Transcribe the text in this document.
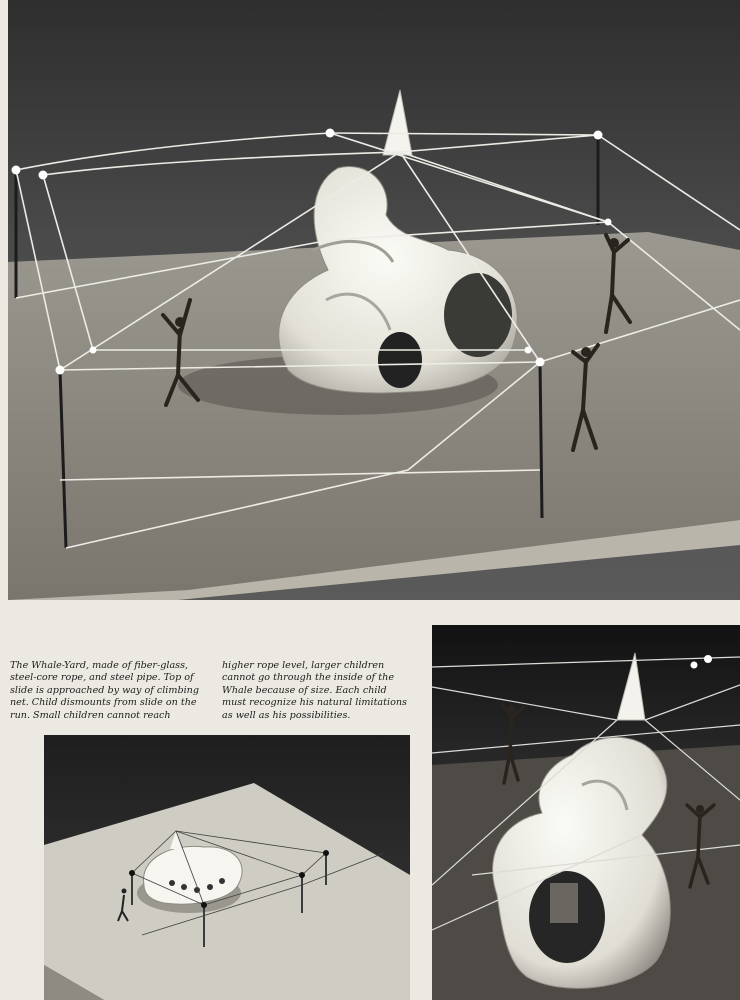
The Whale-Yard, made of fiber-glass, steel-core rope, and steel pipe. Top of slide is approached by way of climbing net. Child dismounts from slide on the run. Small children cannot reach higher rope level, larger children cannot go through the inside of the Whale because of size. Each child must recognize his natural limitations as well as his possibilities.
